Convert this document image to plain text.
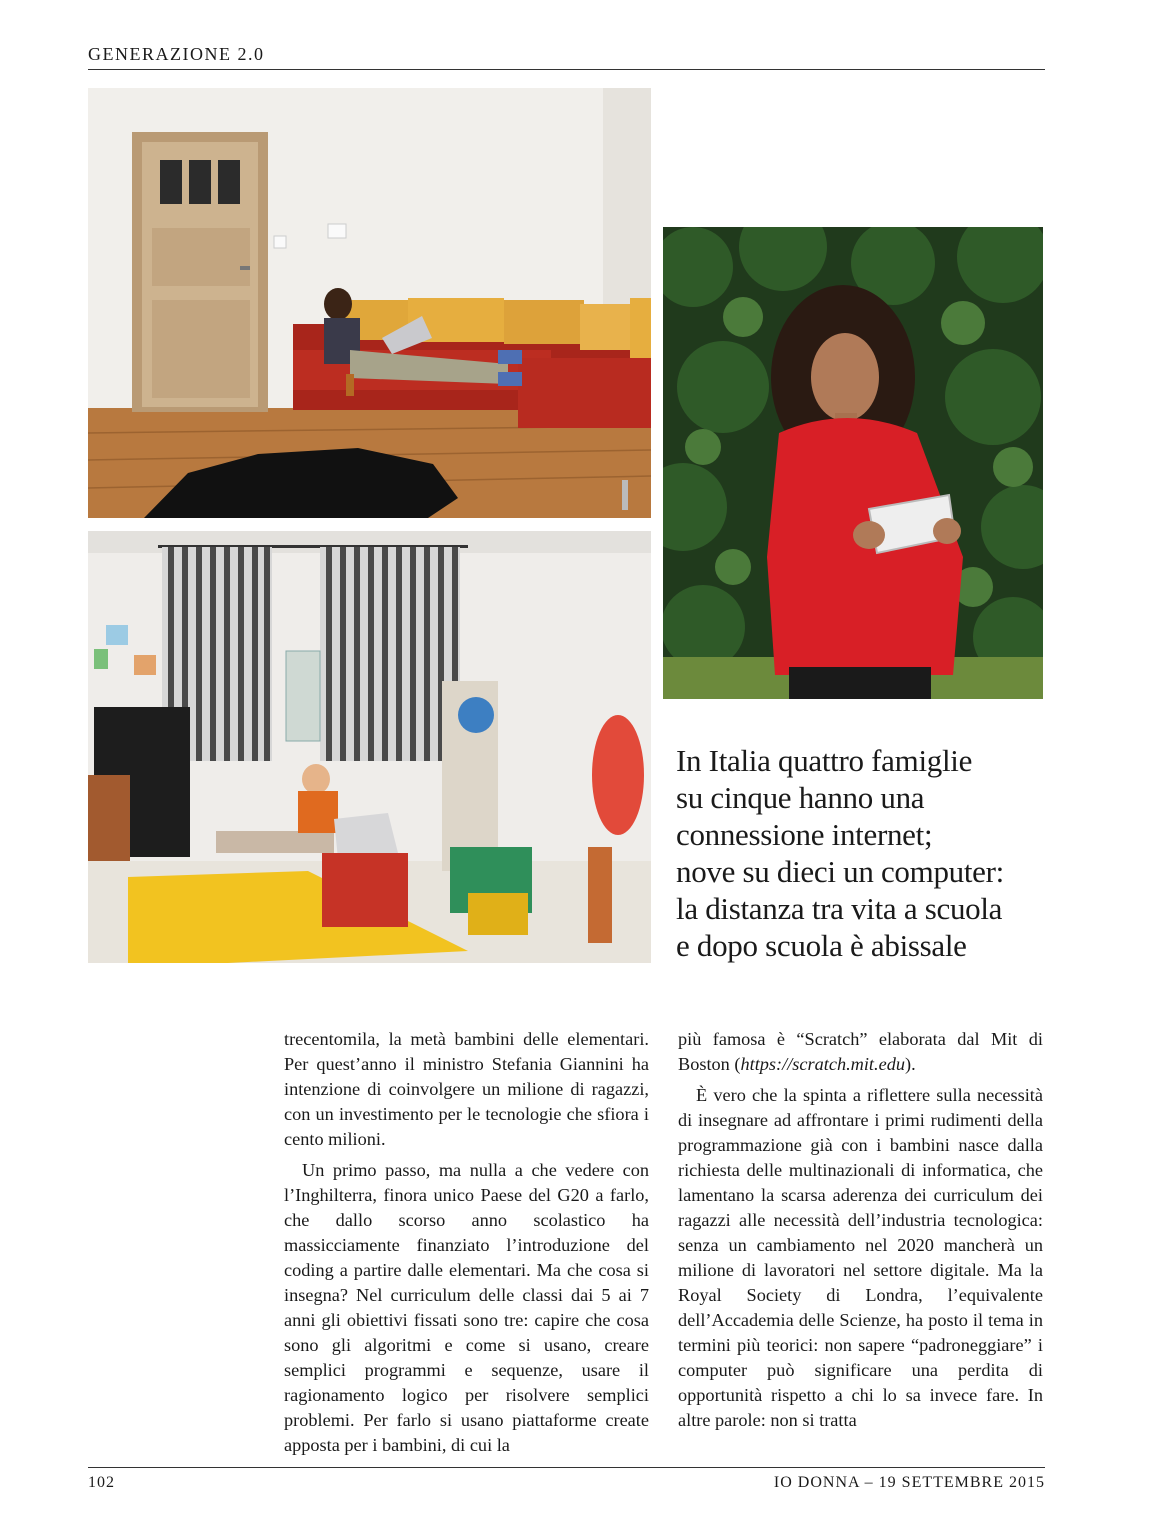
GENERAZIONE 2.0
In Italia quattro famiglie
su cinque hanno una
connessione internet;
nove su dieci un computer:
la distanza tra vita a scuola
e dopo scuola è abissale

trecentomila, la metà bambini delle elementari. Per quest’anno il ministro Stefania Giannini ha intenzione di coinvolgere un milione di ragazzi, con un investimento per le tecnologie che sfiora i cento milioni.

Un primo passo, ma nulla a che vedere con l’Inghilterra, finora unico Paese del G20 a farlo, che dallo scorso anno scolastico ha massicciamente finanziato l’introduzione del coding a partire dalle elementari. Ma che cosa si insegna? Nel curriculum delle classi dai 5 ai 7 anni gli obiettivi fissati sono tre: capire che cosa sono gli algoritmi e come si usano, creare semplici programmi e sequenze, usare il ragionamento logico per risolvere semplici problemi. Per farlo si usano piattaforme create apposta per i bambini, di cui la

più famosa è “Scratch” elaborata dal Mit di Boston (https://scratch.mit.edu).

È vero che la spinta a riflettere sulla necessità di insegnare ad affrontare i primi rudimenti della programmazione già con i bambini nasce dalla richiesta delle multinazionali di informatica, che lamentano la scarsa aderenza dei curriculum dei ragazzi alle necessità dell’industria tecnologica: senza un cambiamento nel 2020 mancherà un milione di lavoratori nel settore digitale. Ma la Royal Society di Londra, l’equivalente dell’Accademia delle Scienze, ha posto il tema in termini più teorici: non sapere “padroneggiare” i computer può significare una perdita di opportunità rispetto a chi lo sa invece fare. In altre parole: non si tratta

102	IO DONNA – 19 SETTEMBRE 2015
